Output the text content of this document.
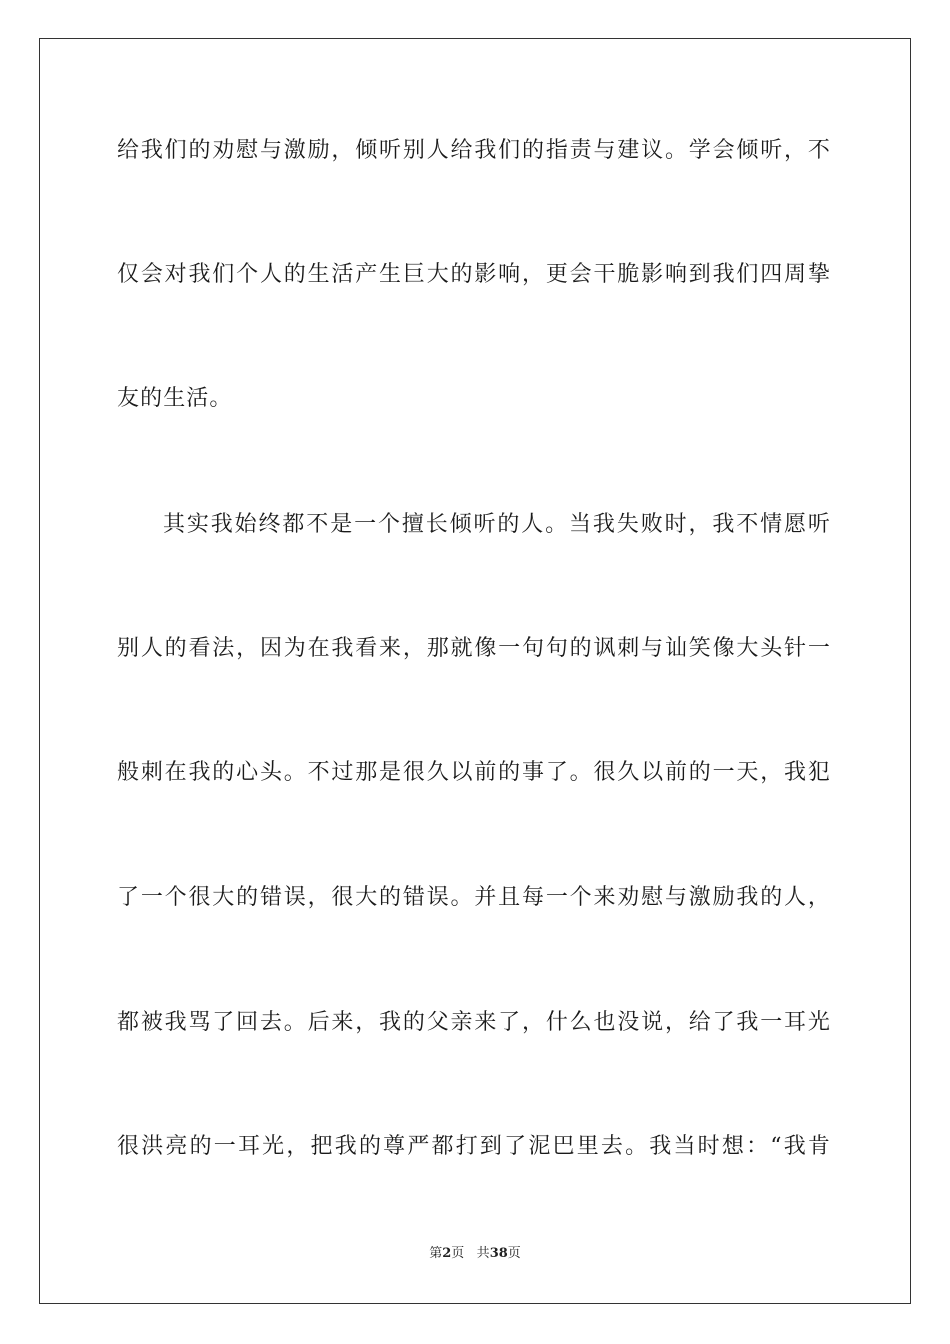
给我们的劝慰与激励，倾听别人给我们的指责与建议。学会倾听，不
仅会对我们个人的生活产生巨大的影响，更会干脆影响到我们四周挚
友的生活。
其实我始终都不是一个擅长倾听的人。当我失败时，我不情愿听
别人的看法，因为在我看来，那就像一句句的讽刺与讪笑像大头针一
般刺在我的心头。不过那是很久以前的事了。很久以前的一天，我犯
了一个很大的错误，很大的错误。并且每一个来劝慰与激励我的人，
都被我骂了回去。后来，我的父亲来了，什么也没说，给了我一耳光
很洪亮的一耳光，把我的尊严都打到了泥巴里去。我当时想：“我肯
第2页 共38页
